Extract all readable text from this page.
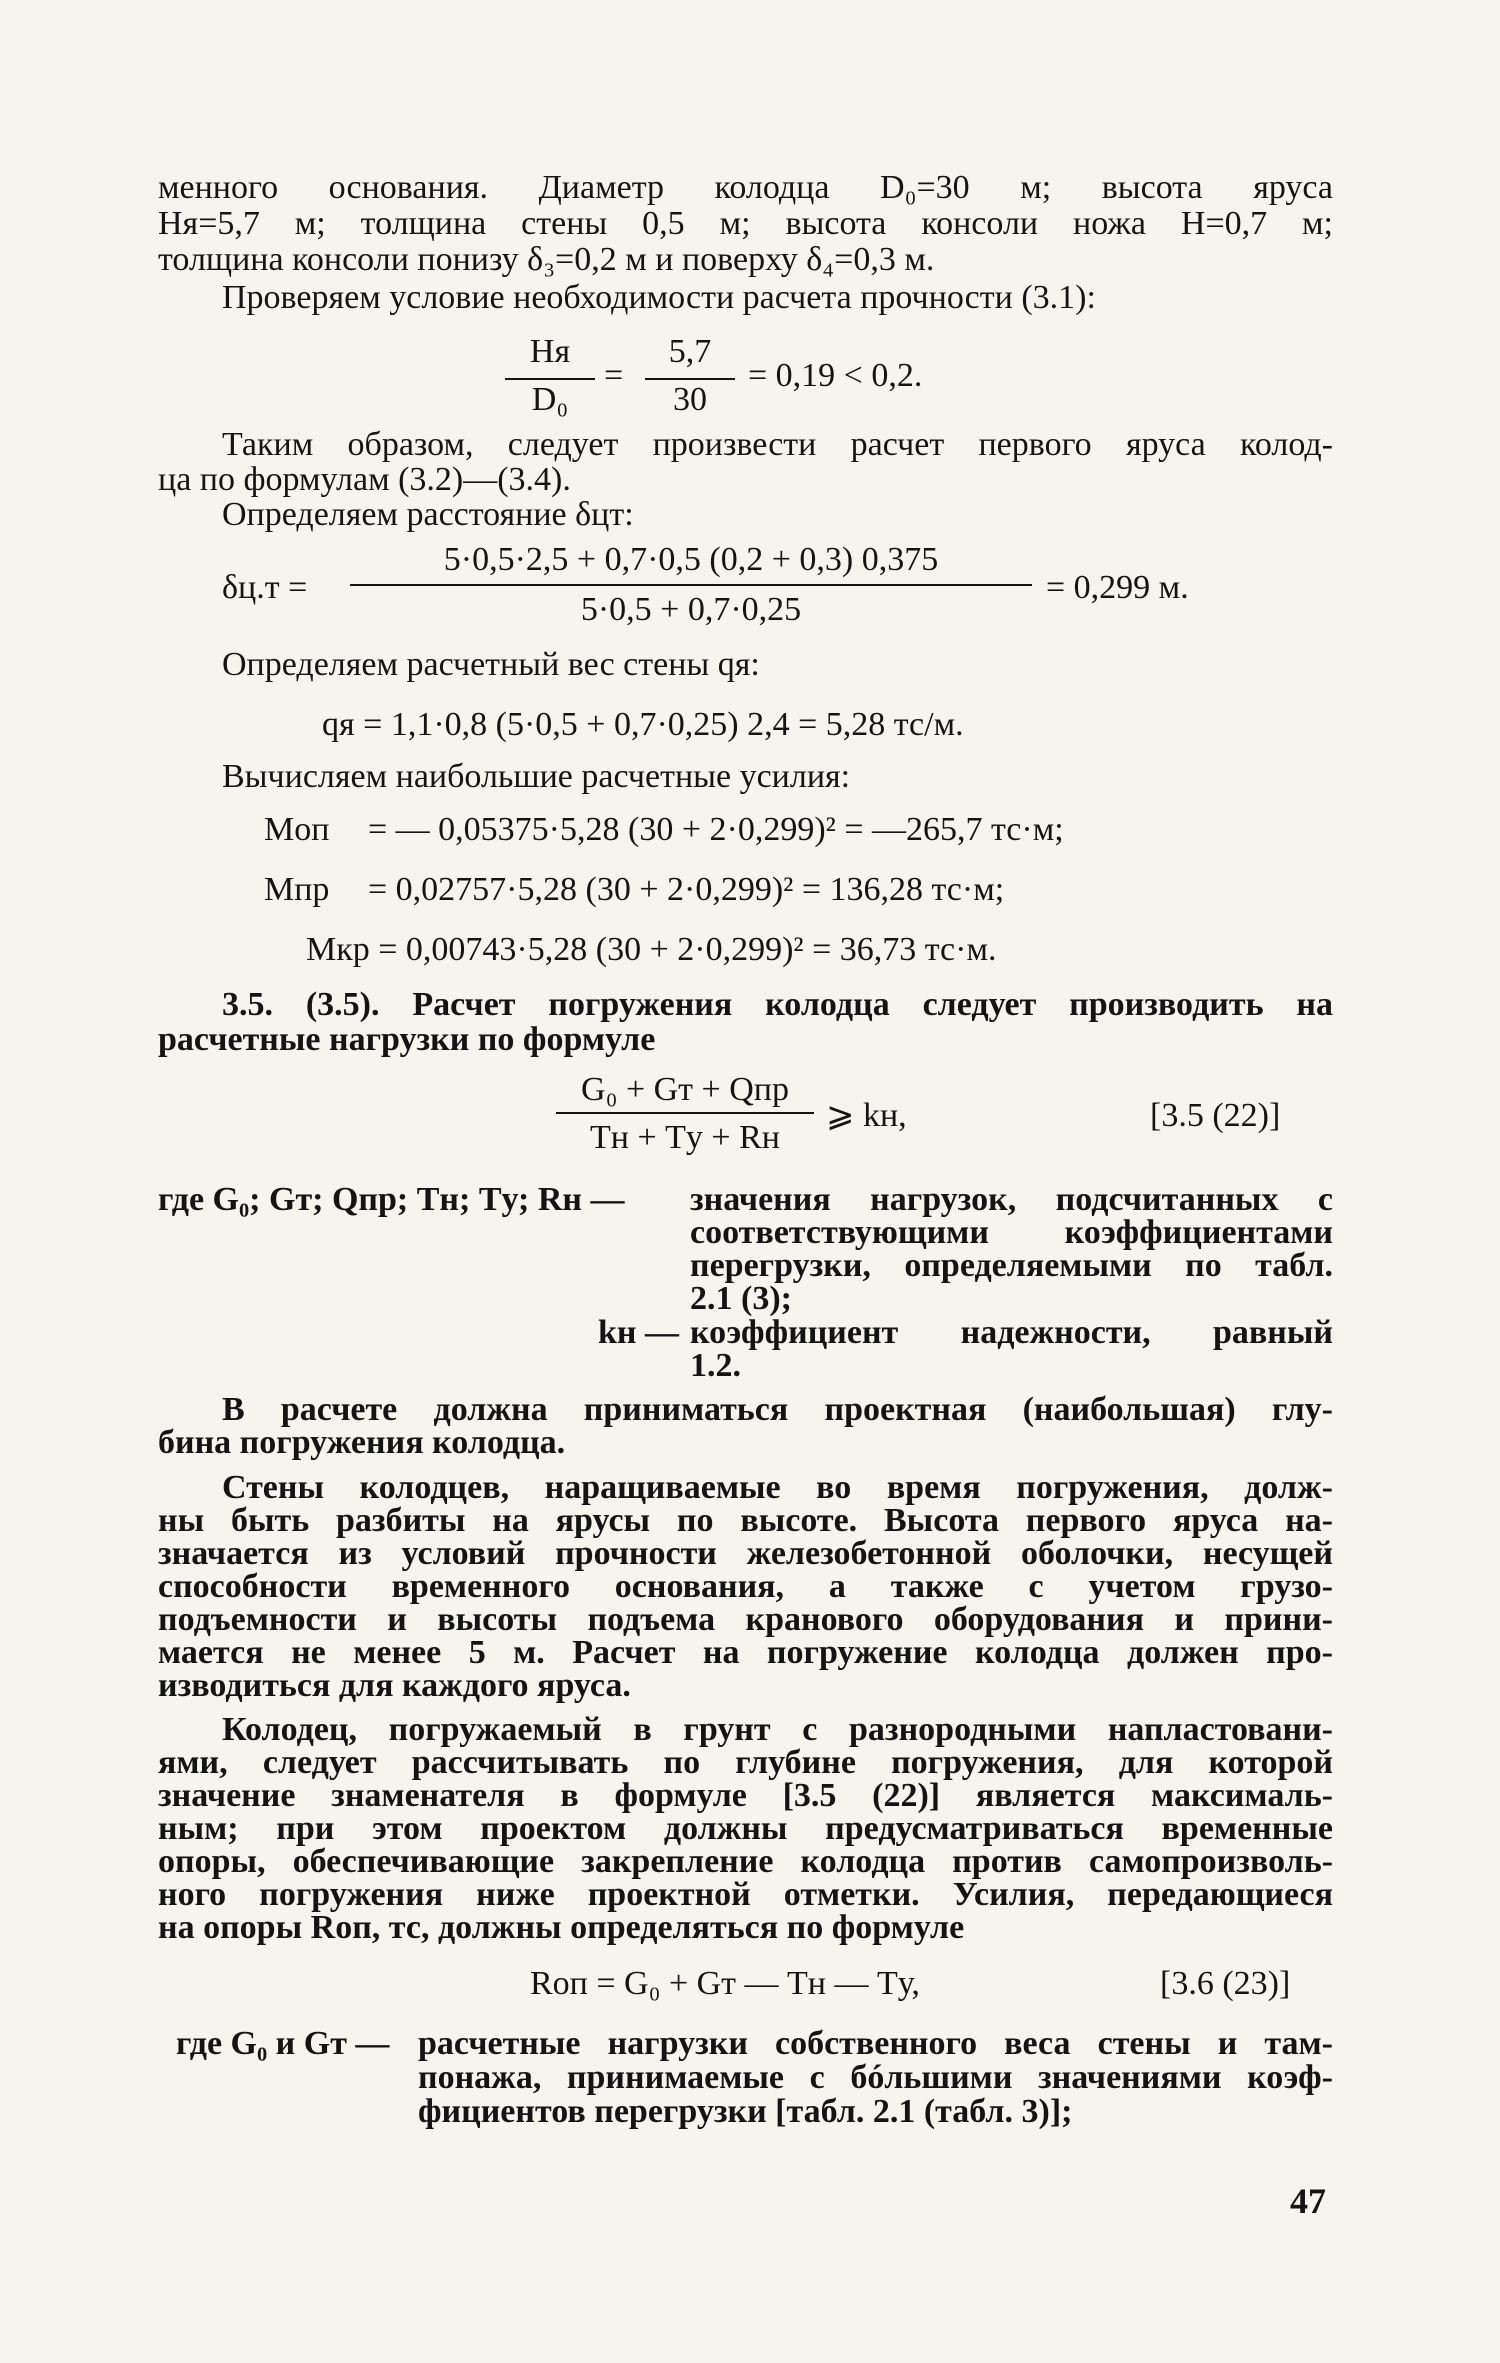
менного основания. Диаметр колодца D₀=30 м; высота яруса
Hя=5,7 м; толщина стены 0,5 м; высота консоли ножа H=0,7 м;
толщина консоли понизу δ₃=0,2 м и поверху δ₄=0,3 м.
Проверяем условие необходимости расчета прочности (3.1):
Hя
D₀
=
5,7
30
= 0,19 < 0,2.
Таким образом, следует произвести расчет первого яруса колод-
ца по формулам (3.2)—(3.4).
Определяем расстояние δцт:
δц.т =
5·0,5·2,5 + 0,7·0,5 (0,2 + 0,3) 0,375
5·0,5 + 0,7·0,25
= 0,299 м.
Определяем расчетный вес стены qя:
qя = 1,1·0,8 (5·0,5 + 0,7·0,25) 2,4 = 5,28 тс/м.
Вычисляем наибольшие расчетные усилия:
Mоп = — 0,05375·5,28 (30 + 2·0,299)² = —265,7 тс·м;
Mпр = 0,02757·5,28 (30 + 2·0,299)² = 136,28 тс·м;
Mкр = 0,00743·5,28 (30 + 2·0,299)² = 36,73 тс·м.
3.5. (3.5). Расчет погружения колодца следует производить на
расчетные нагрузки по формуле
G₀ + Gт + Qпр
Tн + Tу + Rн
⩾ kн,	[3.5 (22)]
где G₀; Gт; Qпр; Tн; Tу; Rн — значения нагрузок, подсчитанных с
соответствующими коэффициентами
перегрузки, определяемыми по табл.
2.1 (3);
kн — коэффициент надежности, равный
1.2.
В расчете должна приниматься проектная (наибольшая) глу-
бина погружения колодца.
Стены колодцев, наращиваемые во время погружения, долж-
ны быть разбиты на ярусы по высоте. Высота первого яруса на-
значается из условий прочности железобетонной оболочки, несущей
способности временного основания, а также с учетом грузо-
подъемности и высоты подъема кранового оборудования и прини-
мается не менее 5 м. Расчет на погружение колодца должен про-
изводиться для каждого яруса.
Колодец, погружаемый в грунт с разнородными напластовани-
ями, следует рассчитывать по глубине погружения, для которой
значение знаменателя в формуле [3.5 (22)] является максималь-
ным; при этом проектом должны предусматриваться временные
опоры, обеспечивающие закрепление колодца против самопроизволь-
ного погружения ниже проектной отметки. Усилия, передающиеся
на опоры Rоп, тс, должны определяться по формуле
Rоп = G₀ + Gт — Tн — Tу,	[3.6 (23)]
где G₀ и Gт — расчетные нагрузки собственного веса стены и там-
понажа, принимаемые с бóльшими значениями коэф-
фициентов перегрузки [табл. 2.1 (табл. 3)];
47
